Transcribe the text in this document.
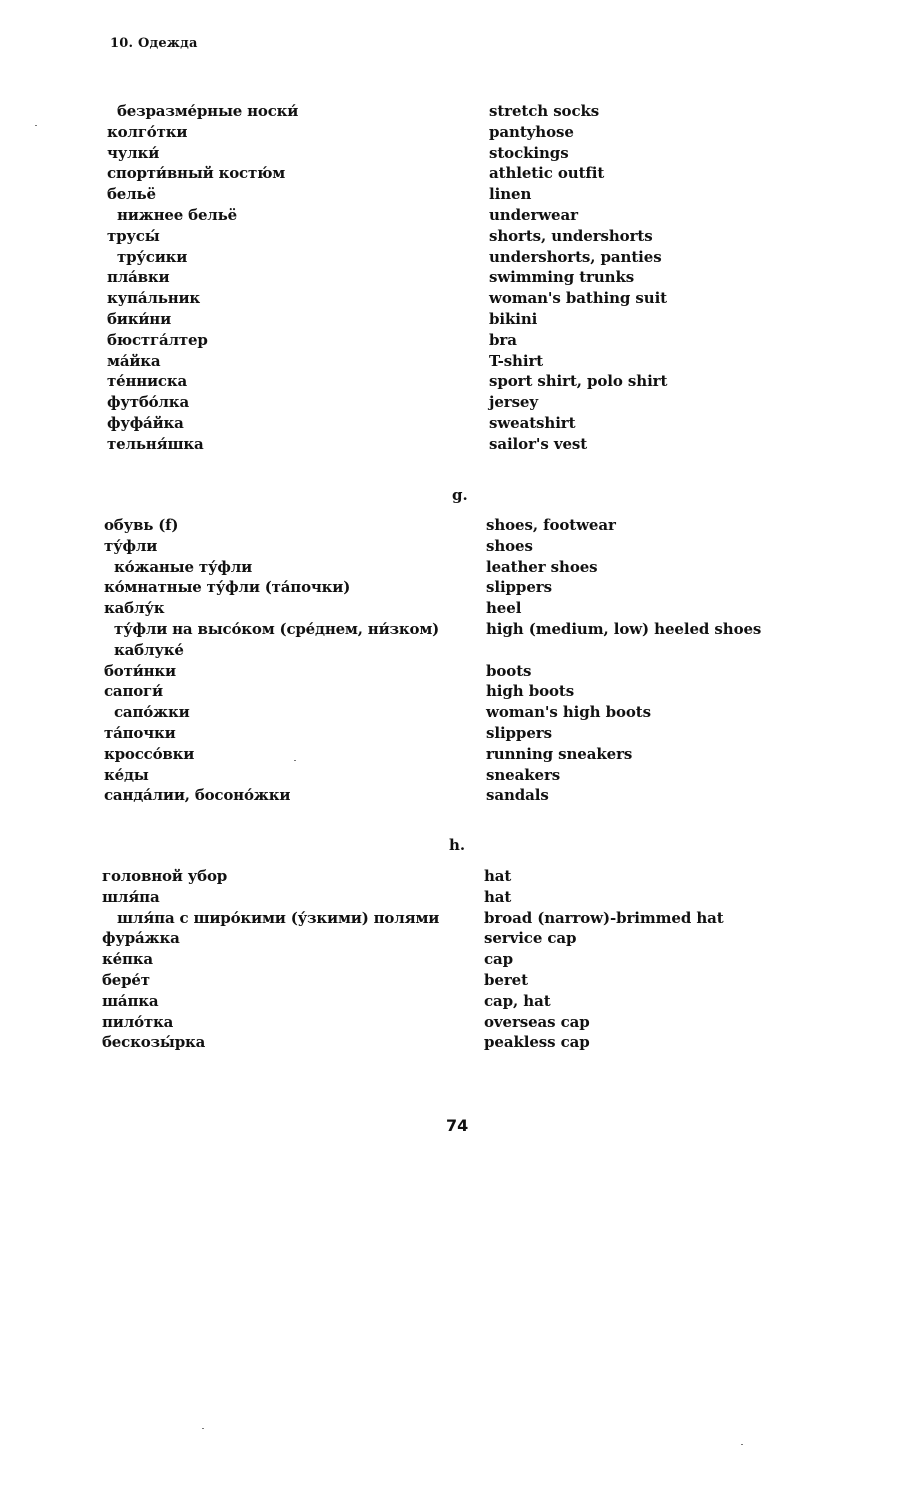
10. Одежда
безразме́рные носки́	stretch socks
колго́тки	pantyhose
чулки́	stockings
спорти́вный костю́м	athletic outfit
бельё	linen
нижнее бельё	underwear
трусы́	shorts, undershorts
тру́сики	undershorts, panties
пла́вки	swimming trunks
купа́льник	woman's bathing suit
бики́ни	bikini
бюстга́лтер	bra
ма́йка	T-shirt
те́нниска	sport shirt, polo shirt
футбо́лка	jersey
фуфа́йка	sweatshirt
тельня́шка	sailor's vest
g.
обувь (f)	shoes, footwear
ту́фли	shoes
ко́жаные ту́фли	leather shoes
ко́мнатные ту́фли (та́почки)	slippers
каблу́к	heel
ту́фли на высо́ком (сре́днем, ни́зком)	high (medium, low) heeled shoes
каблуке́
боти́нки	boots
сапоги́	high boots
сапо́жки	woman's high boots
та́почки	slippers
кроссо́вки	running sneakers
ке́ды	sneakers
санда́лии, босоно́жки	sandals
h.
головной убор	hat
шля́па	hat
шля́па с широ́кими (у́зкими) полями	broad (narrow)-brimmed hat
фура́жка	service cap
ке́пка	cap
бере́т	beret
ша́пка	cap, hat
пило́тка	overseas cap
бескозы́рка	peakless cap
74
